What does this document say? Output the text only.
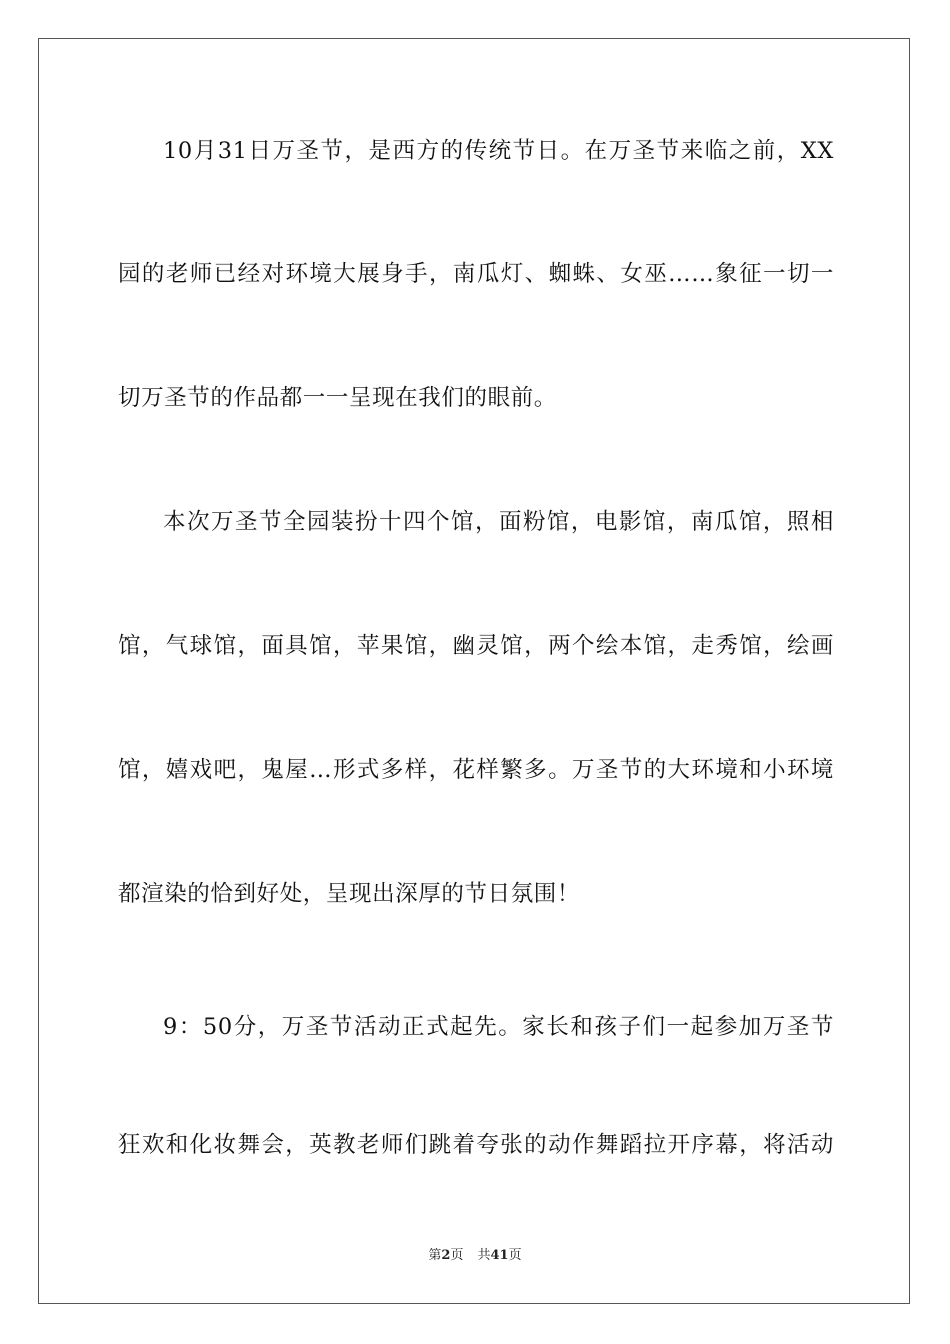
10月31日万圣节，是西方的传统节日。在万圣节来临之前，XX
园的老师已经对环境大展身手，南瓜灯、蜘蛛、女巫……象征一切一
切万圣节的作品都一一呈现在我们的眼前。
本次万圣节全园装扮十四个馆，面粉馆，电影馆，南瓜馆，照相
馆，气球馆，面具馆，苹果馆，幽灵馆，两个绘本馆，走秀馆，绘画
馆，嬉戏吧，鬼屋…形式多样，花样繁多。万圣节的大环境和小环境
都渲染的恰到好处，呈现出深厚的节日氛围！
9：50分，万圣节活动正式起先。家长和孩子们一起参加万圣节
狂欢和化妆舞会，英教老师们跳着夸张的动作舞蹈拉开序幕，将活动
第2页 共41页
